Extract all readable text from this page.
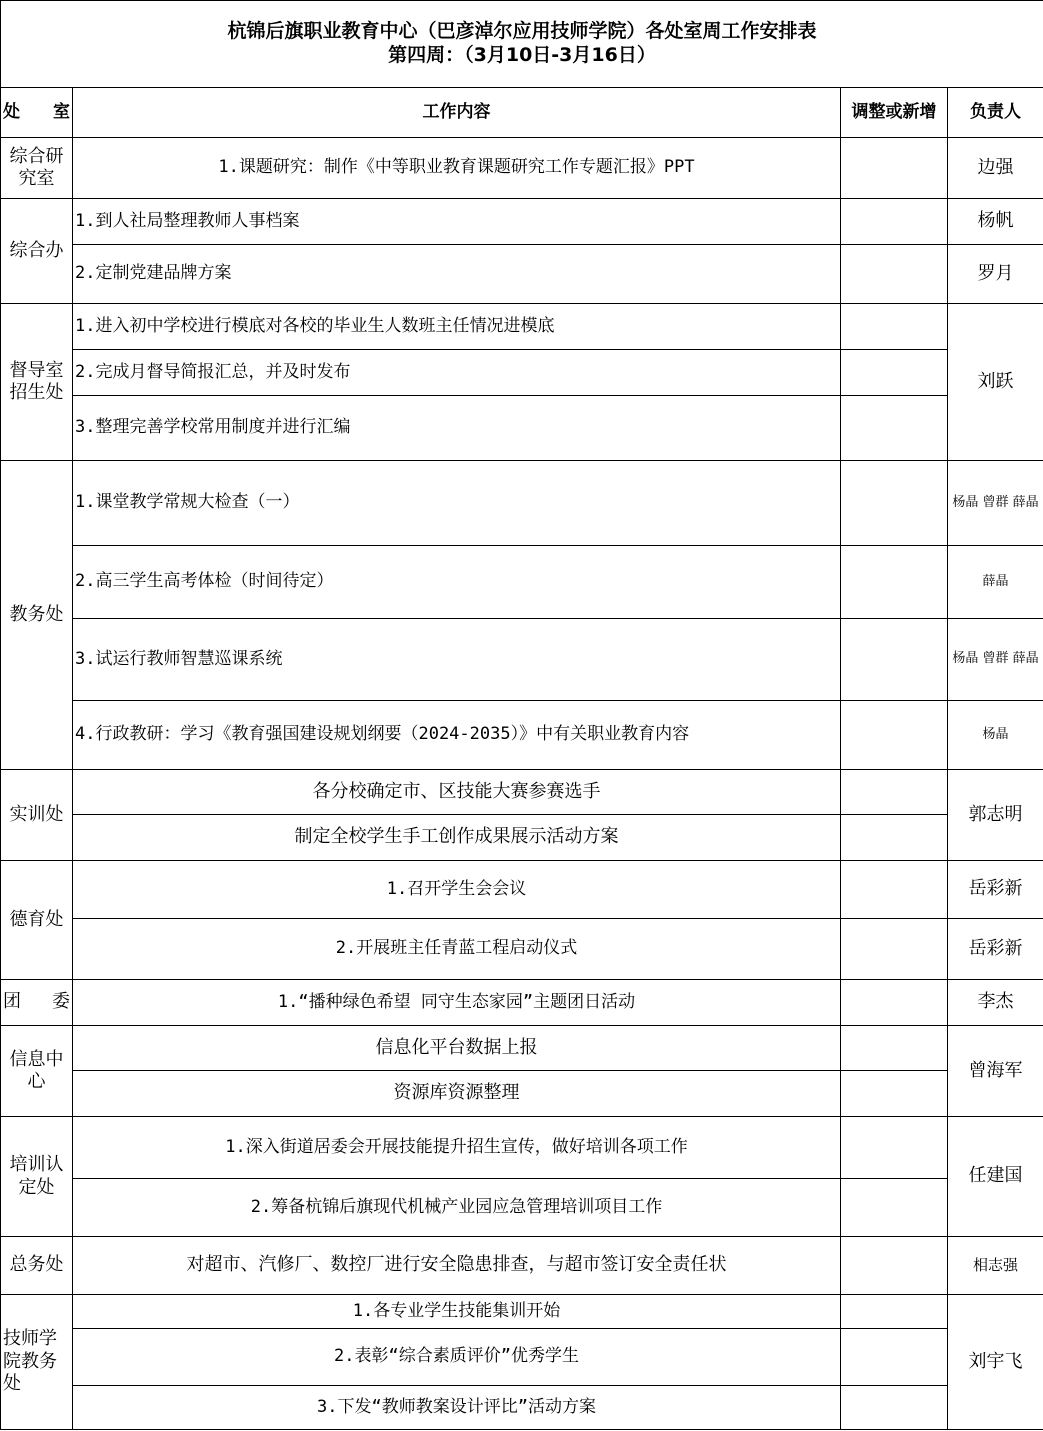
杭锦后旗职业教育中心（巴彦淖尔应用技师学院）各处室周工作安排表
第四周：（3月10日-3月16日）			

处 室	工作内容	调整或新增	负责人
综合研究室	1.课题研究：制作《中等职业教育课题研究工作专题汇报》PPT		边强
综合办	1.到人社局整理教师人事档案		杨帆
	2.定制党建品牌方案		罗月
督导室招生处	1.进入初中学校进行模底对各校的毕业生人数班主任情况进模底		刘跃
	2.完成月督导简报汇总，并及时发布		
	3.整理完善学校常用制度并进行汇编		
教务处	1.课堂教学常规大检查（一）		杨晶 曾群 薛晶
	2.高三学生高考体检（时间待定）		薛晶
	3.试运行教师智慧巡课系统		杨晶 曾群 薛晶
	4.行政教研：学习《教育强国建设规划纲要（2024-2035）》中有关职业教育内容		杨晶
实训处	各分校确定市、区技能大赛参赛选手		郭志明
	制定全校学生手工创作成果展示活动方案		
德育处	1.召开学生会会议		岳彩新
	2.开展班主任青蓝工程启动仪式		岳彩新
团委	1.“播种绿色希望 同守生态家园”主题团日活动		李杰
信息中心	信息化平台数据上报		曾海军
	资源库资源整理		
培训认定处	1.深入街道居委会开展技能提升招生宣传，做好培训各项工作		任建国
	2.筹备杭锦后旗现代机械产业园应急管理培训项目工作		
总务处	对超市、汽修厂、数控厂进行安全隐患排查，与超市签订安全责任状		相志强
技师学院教务处	1.各专业学生技能集训开始		刘宇飞
	2.表彰“综合素质评价”优秀学生		
	3.下发“教师教案设计评比”活动方案		
